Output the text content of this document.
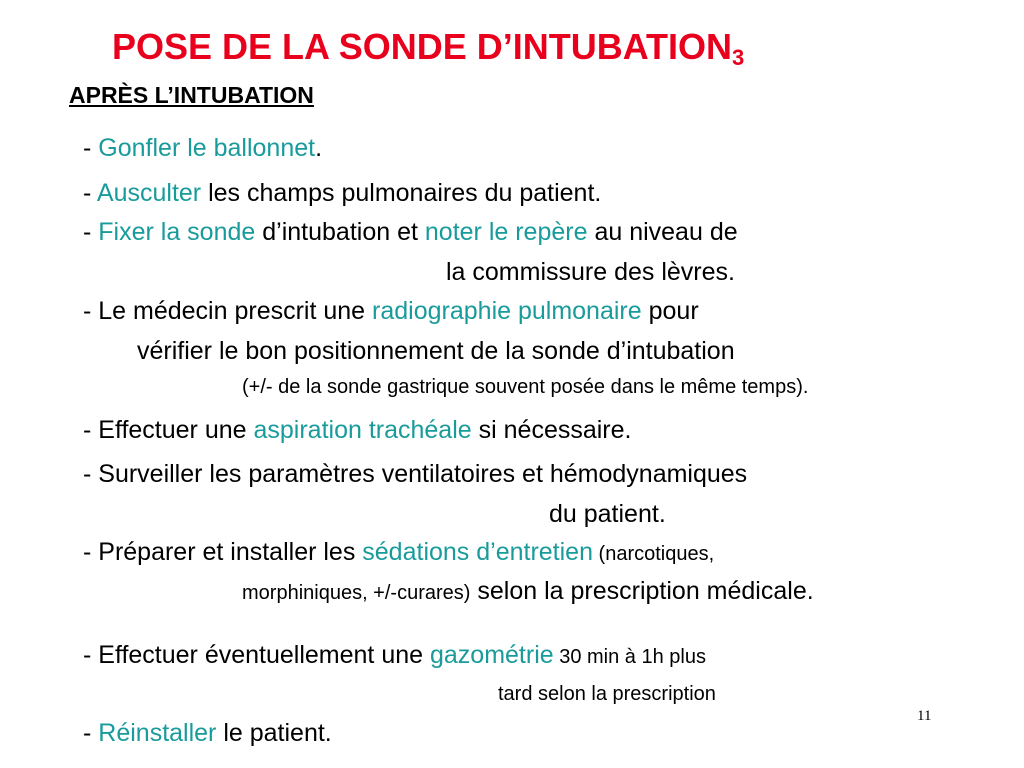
POSE DE LA SONDE $D’INTUBATION_3$
APRÈS L’INTUBATION
- Gonfler le ballonnet.
- Ausculter les champs pulmonaires du patient.
- Fixer la sonde d’intubation et noter le repère au niveau de
la commissure des lèvres.
- Le médecin prescrit une radiographie pulmonaire pour
vérifier le bon positionnement de la sonde d’intubation
(+/- de la sonde gastrique souvent posée dans le même temps).
- Effectuer une aspiration trachéale si nécessaire.
- Surveiller les paramètres ventilatoires et hémodynamiques
du patient.
- Préparer et installer les sédations d’entretien (narcotiques,
morphiniques, +/-curares) selon la prescription médicale.
- Effectuer éventuellement une gazométrie 30 min à 1h plus
tard selon la prescription
- Réinstaller le patient.
11
